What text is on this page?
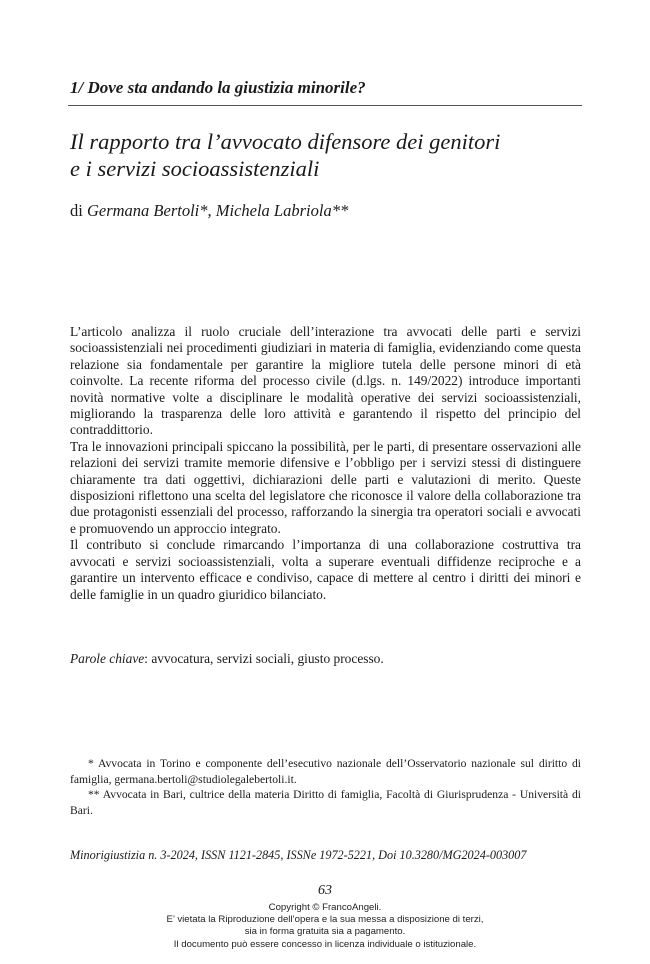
1/ Dove sta andando la giustizia minorile?
Il rapporto tra l’avvocato difensore dei genitori
e i servizi socioassistenziali

di Germana Bertoli*, Michela Labriola**

L’articolo analizza il ruolo cruciale dell’interazione tra avvocati delle parti e servizi socioassistenziali nei procedimenti giudiziari in materia di famiglia, evidenziando come questa relazione sia fondamentale per garantire la migliore tutela delle persone minori di età coinvolte. La recente riforma del processo civile (d.lgs. n. 149/2022) introduce importanti novità normative volte a disciplinare le modalità operative dei servizi socioassistenziali, migliorando la trasparenza delle loro attività e garantendo il rispetto del principio del contraddittorio.

Tra le innovazioni principali spiccano la possibilità, per le parti, di presentare osservazioni alle relazioni dei servizi tramite memorie difensive e l’obbligo per i servizi stessi di distinguere chiaramente tra dati oggettivi, dichiarazioni delle parti e valutazioni di merito. Queste disposizioni riflettono una scelta del legislatore che riconosce il valore della collaborazione tra due protagonisti essenziali del processo, rafforzando la sinergia tra operatori sociali e avvocati e promuovendo un approccio integrato.

Il contributo si conclude rimarcando l’importanza di una collaborazione costruttiva tra avvocati e servizi socioassistenziali, volta a superare eventuali diffidenze reciproche e a garantire un intervento efficace e condiviso, capace di mettere al centro i diritti dei minori e delle famiglie in un quadro giuridico bilanciato.

Parole chiave: avvocatura, servizi sociali, giusto processo.

* Avvocata in Torino e componente dell’esecutivo nazionale dell’Osservatorio nazionale sul diritto di famiglia, germana.bertoli@studiolegalebertoli.it.

** Avvocata in Bari, cultrice della materia Diritto di famiglia, Facoltà di Giurisprudenza - Università di Bari.

Minorigiustizia n. 3-2024, ISSN 1121-2845, ISSNe 1972-5221, Doi 10.3280/MG2024-003007

63

Copyright © FrancoAngeli.
E’ vietata la Riproduzione dell’opera e la sua messa a disposizione di terzi,
sia in forma gratuita sia a pagamento.
Il documento può essere concesso in licenza individuale o istituzionale.
